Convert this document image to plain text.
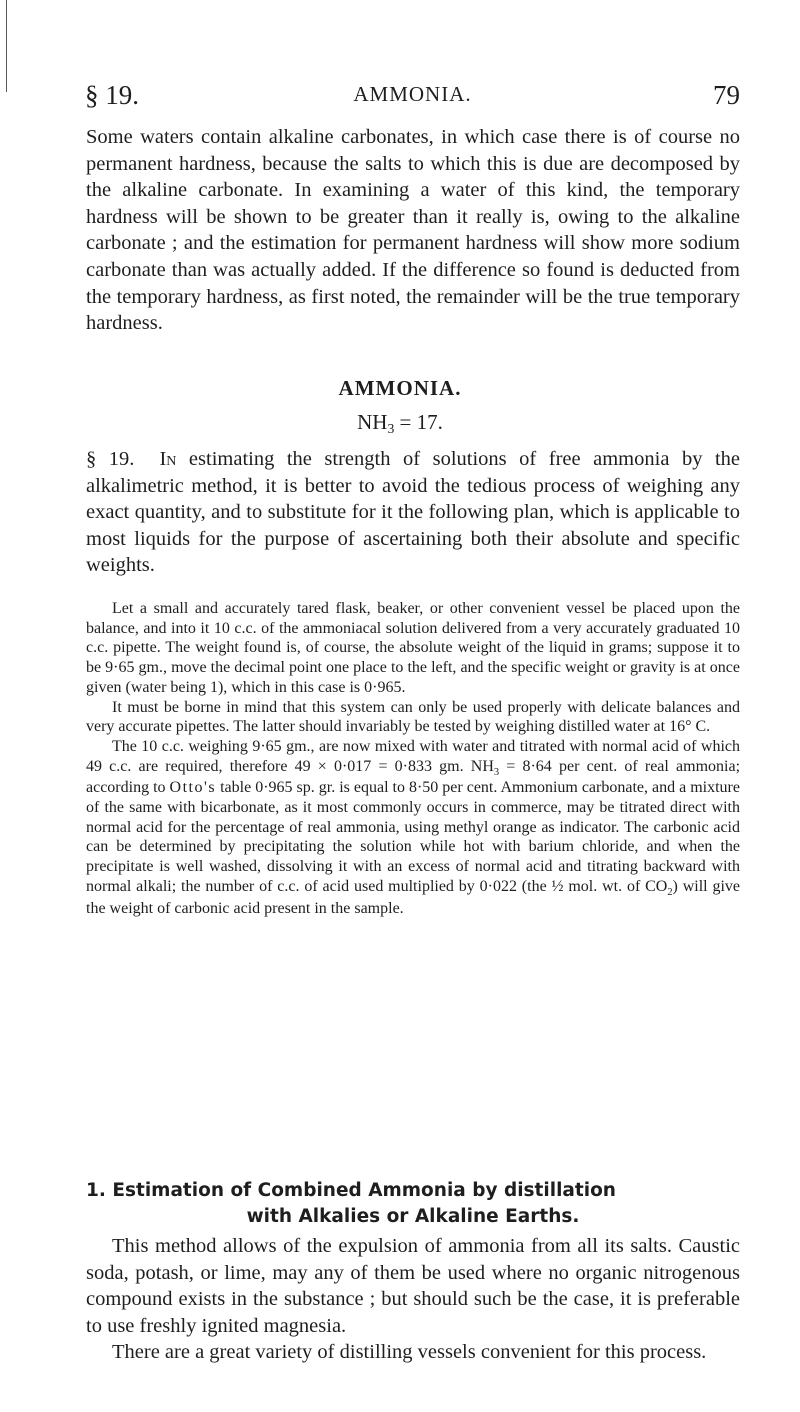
§ 19.	AMMONIA.	79

Some waters contain alkaline carbonates, in which case there is of course no permanent hardness, because the salts to which this is due are decomposed by the alkaline carbonate. In examining a water of this kind, the temporary hardness will be shown to be greater than it really is, owing to the alkaline carbonate ; and the estimation for permanent hardness will show more sodium carbonate than was actually added. If the difference so found is deducted from the temporary hardness, as first noted, the remainder will be the true temporary hardness.

AMMONIA.
$NH_3 = 17$.

§ 19. In estimating the strength of solutions of free ammonia by the alkalimetric method, it is better to avoid the tedious process of weighing any exact quantity, and to substitute for it the following plan, which is applicable to most liquids for the purpose of ascertaining both their absolute and specific weights.

Let a small and accurately tared flask, beaker, or other convenient vessel be placed upon the balance, and into it 10 c.c. of the ammoniacal solution delivered from a very accurately graduated 10 c.c. pipette. The weight found is, of course, the absolute weight of the liquid in grams; suppose it to be 9·65 gm., move the decimal point one place to the left, and the specific weight or gravity is at once given (water being 1), which in this case is 0·965.

It must be borne in mind that this system can only be used properly with delicate balances and very accurate pipettes. The latter should invariably be tested by weighing distilled water at 16° C.

The 10 c.c. weighing 9·65 gm., are now mixed with water and titrated with normal acid of which 49 c.c. are required, therefore 49 × 0·017 = 0·833 gm. $NH_3 = 8\cdot 64$ per cent. of real ammonia; according to Otto's table 0·965 sp. gr. is equal to 8·50 per cent. Ammonium carbonate, and a mixture of the same with bicarbonate, as it most commonly occurs in commerce, may be titrated direct with normal acid for the percentage of real ammonia, using methyl orange as indicator. The carbonic acid can be determined by precipitating the solution while hot with barium chloride, and when the precipitate is well washed, dissolving it with an excess of normal acid and titrating backward with normal alkali; the number of c.c. of acid used multiplied by 0·022 (the ½ mol. wt. of $CO_2$) will give the weight of carbonic acid present in the sample.

1. Estimation of Combined Ammonia by distillation
with Alkalies or Alkaline Earths.

This method allows of the expulsion of ammonia from all its salts. Caustic soda, potash, or lime, may any of them be used where no organic nitrogenous compound exists in the substance ; but should such be the case, it is preferable to use freshly ignited magnesia.

There are a great variety of distilling vessels convenient for this process.
